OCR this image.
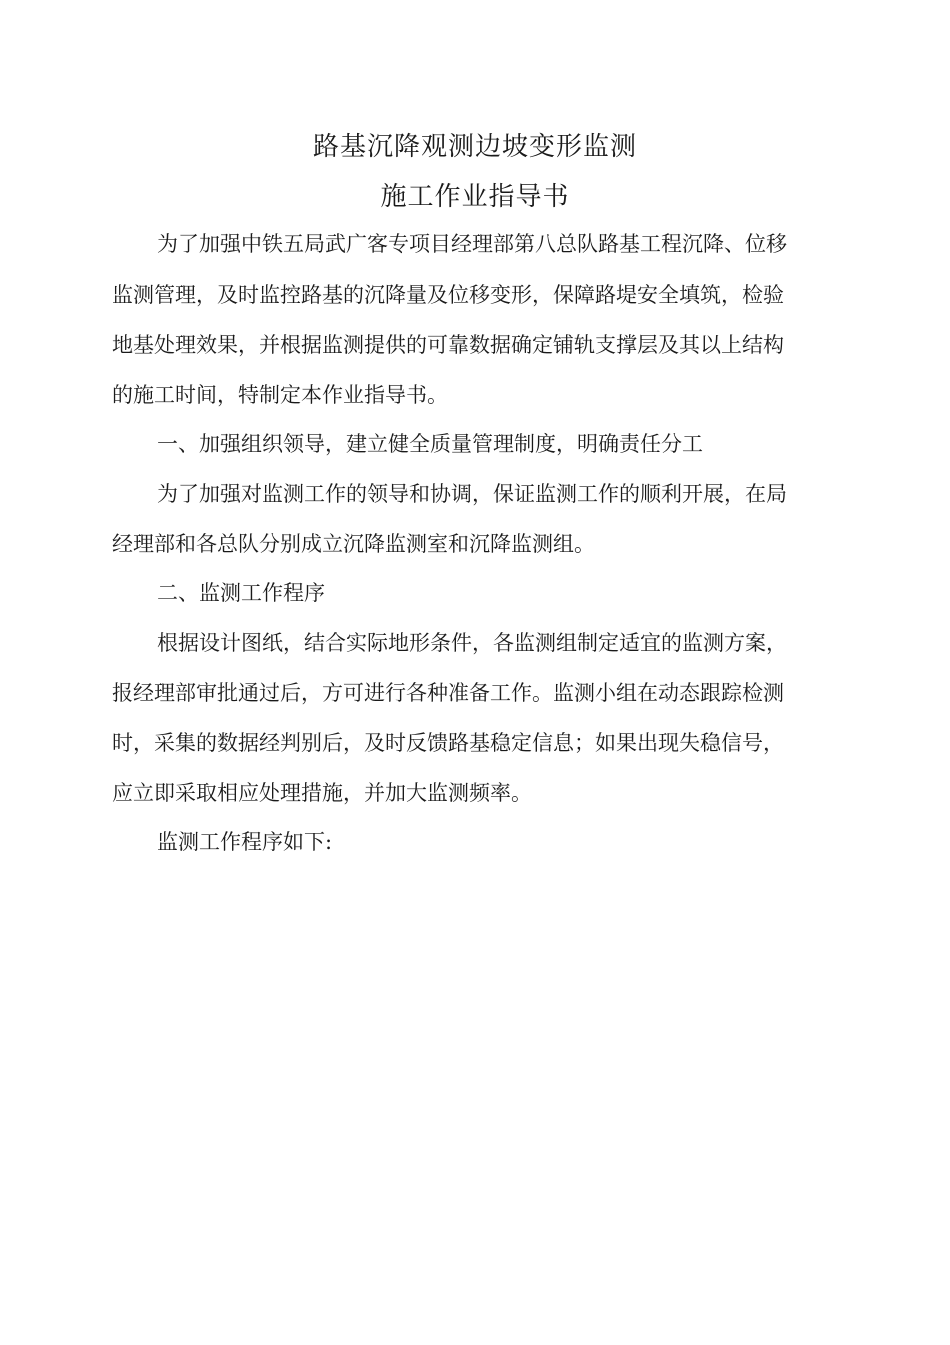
路基沉降观测边坡变形监测
施工作业指导书
为了加强中铁五局武广客专项目经理部第八总队路基工程沉降、位移
监测管理，及时监控路基的沉降量及位移变形，保障路堤安全填筑，检验
地基处理效果，并根据监测提供的可靠数据确定铺轨支撑层及其以上结构
的施工时间，特制定本作业指导书。
一、加强组织领导，建立健全质量管理制度，明确责任分工
为了加强对监测工作的领导和协调，保证监测工作的顺利开展，在局
经理部和各总队分别成立沉降监测室和沉降监测组。
二、监测工作程序
根据设计图纸，结合实际地形条件，各监测组制定适宜的监测方案，
报经理部审批通过后，方可进行各种准备工作。监测小组在动态跟踪检测
时，采集的数据经判别后，及时反馈路基稳定信息；如果出现失稳信号，
应立即采取相应处理措施，并加大监测频率。
监测工作程序如下:
